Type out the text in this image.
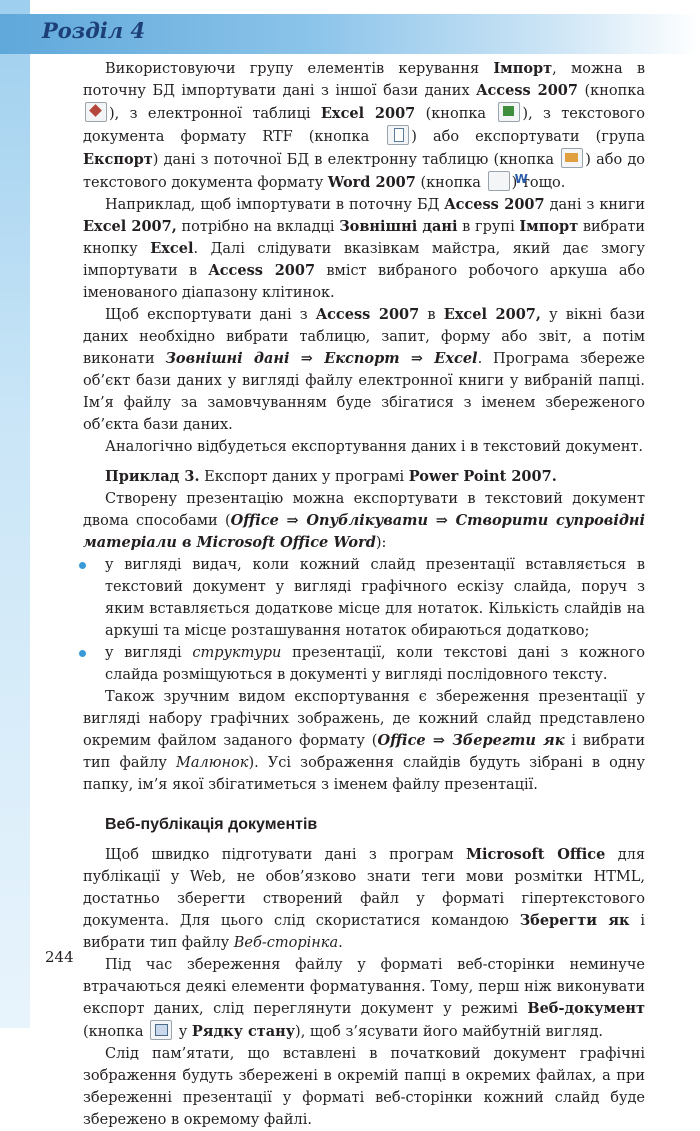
Розділ 4

Використовуючи групу елементів керування Імпорт, можна в поточну БД імпортувати дані з іншої бази даних Access 2007 (кнопка ), з електронної таблиці Excel 2007 (кнопка ), з текстового документа формату RTF (кнопка ) або експортувати (група Експорт) дані з поточної БД в електронну таблицю (кнопка ) або до текстового документа формату Word 2007 (кнопка W) тощо.

Наприклад, щоб імпортувати в поточну БД Access 2007 дані з книги Excel 2007, потрібно на вкладці Зовнішні дані в групі Імпорт вибрати кнопку Excel. Далі слідувати вказівкам майстра, який дає змогу імпортувати в Access 2007 вміст вибраного робочого аркуша або іменованого діапазону клітинок.

Щоб експортувати дані з Access 2007 в Excel 2007, у вікні бази даних необхідно вибрати таблицю, запит, форму або звіт, а потім виконати Зовнішні дані ⇒ Експорт ⇒ Excel. Програма збереже об’єкт бази даних у вигляді файлу електронної книги у вибраній папці. Ім’я файлу за замовчуванням буде збігатися з іменем збереженого об’єкта бази даних.

Аналогічно відбудеться експортування даних і в текстовий документ.

Приклад 3. Експорт даних у програмі Power Point 2007.

Створену презентацію можна експортувати в текстовий документ двома способами (Office ⇒ Опублікувати ⇒ Створити супровідні матеріали в Microsoft Office Word):

у вигляді видач, коли кожний слайд презентації вставляється в текстовий документ у вигляді графічного ескізу слайда, поруч з яким вставляється додаткове місце для нотаток. Кількість слайдів на аркуші та місце розташування нотаток обираються додатково;
у вигляді структури презентації, коли текстові дані з кожного слайда розміщуються в документі у вигляді послідовного тексту.

Також зручним видом експортування є збереження презентації у вигляді набору графічних зображень, де кожний слайд представлено окремим файлом заданого формату (Office ⇒ Зберегти як і вибрати тип файлу Малюнок). Усі зображення слайдів будуть зібрані в одну папку, ім’я якої збігатиметься з іменем файлу презентації.

Веб-публікація документів

Щоб швидко підготувати дані з програм Microsoft Office для публікації у Web, не обов’язково знати теги мови розмітки HTML, достатньо зберегти створений файл у форматі гіпертекстового документа. Для цього слід скористатися командою Зберегти як і вибрати тип файлу Веб-сторінка.

Під час збереження файлу у форматі веб-сторінки неминуче втрачаються деякі елементи форматування. Тому, перш ніж виконувати експорт даних, слід переглянути документ у режимі Веб-документ (кнопка  у Рядку стану), щоб з’ясувати його майбутній вигляд.

Слід пам’ятати, що вставлені в початковий документ графічні зображення будуть збережені в окремій папці в окремих файлах, а при збереженні презентації у форматі веб-сторінки кожний слайд буде збережено в окремому файлі.

244
